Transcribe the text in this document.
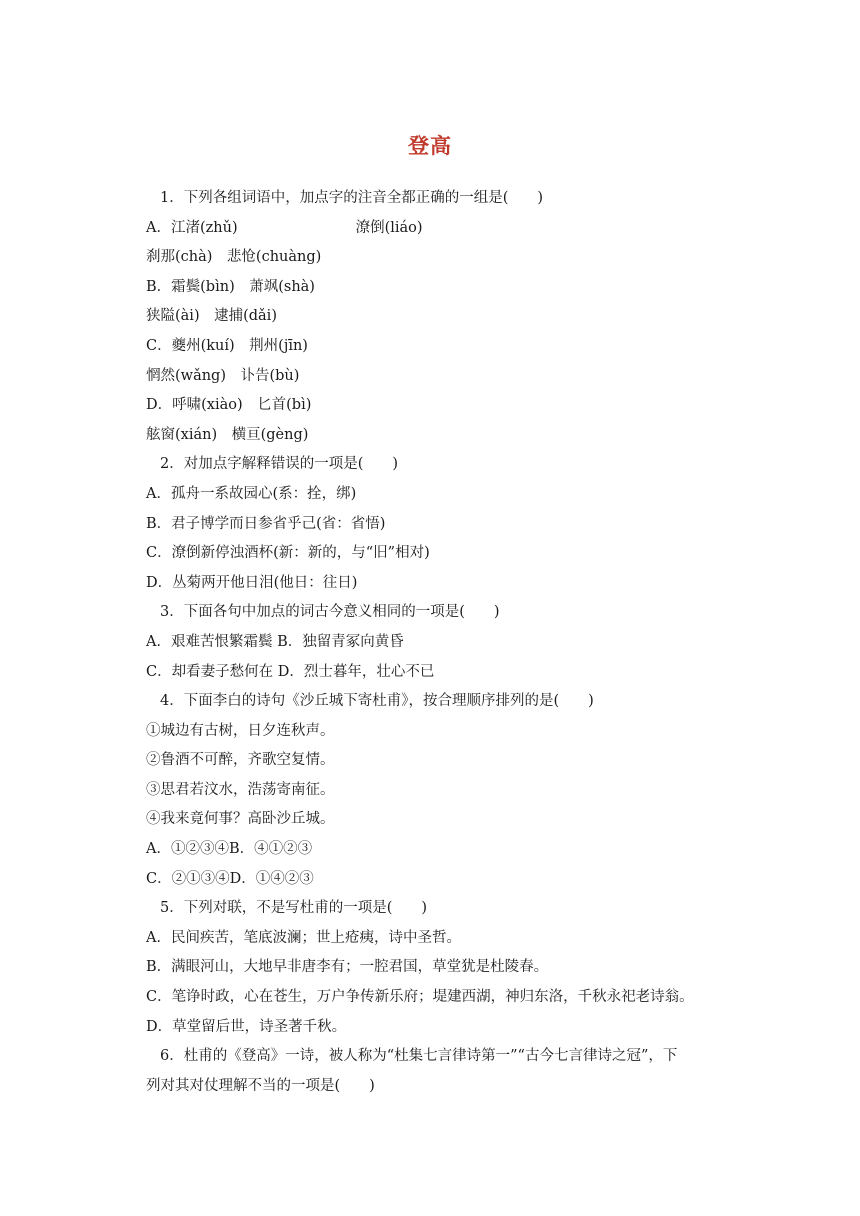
登高
1．下列各组词语中，加点字的注音全都正确的一组是(　　)
A．江渚(zhǔ)	潦倒(liáo)
刹那(chà)　悲怆(chuàng)
B．霜鬓(bìn)　萧飒(shà)
狭隘(ài)　逮捕(dǎi)
C．夔州(kuí)　荆州(jīn)
惘然(wǎng)　讣告(bù)
D．呼啸(xiào)　匕首(bì)
舷窗(xián)　横亘(gèng)
2．对加点字解释错误的一项是(　　)
A．孤舟一系故园心(系：拴，绑)
B．君子博学而日参省乎己(省：省悟)
C．潦倒新停浊酒杯(新：新的，与“旧”相对)
D．丛菊两开他日泪(他日：往日)
3．下面各句中加点的词古今意义相同的一项是(　　)
A．艰难苦恨繁霜鬓 B．独留青冢向黄昏
C．却看妻子愁何在 D．烈士暮年，壮心不已
4．下面李白的诗句《沙丘城下寄杜甫》，按合理顺序排列的是(　　)
①城边有古树，日夕连秋声。
②鲁酒不可醉，齐歌空复情。
③思君若汶水，浩荡寄南征。
④我来竟何事？高卧沙丘城。
A．①②③④B．④①②③
C．②①③④D．①④②③
5．下列对联，不是写杜甫的一项是(　　)
A．民间疾苦，笔底波澜；世上疮痍，诗中圣哲。
B．满眼河山，大地早非唐李有；一腔君国，草堂犹是杜陵春。
C．笔诤时政，心在苍生，万户争传新乐府；堤建西湖，神归东洛，千秋永祀老诗翁。
D．草堂留后世，诗圣著千秋。
6．杜甫的《登高》一诗，被人称为“杜集七言律诗第一”“古今七言律诗之冠”，下
列对其对仗理解不当的一项是(　　)
